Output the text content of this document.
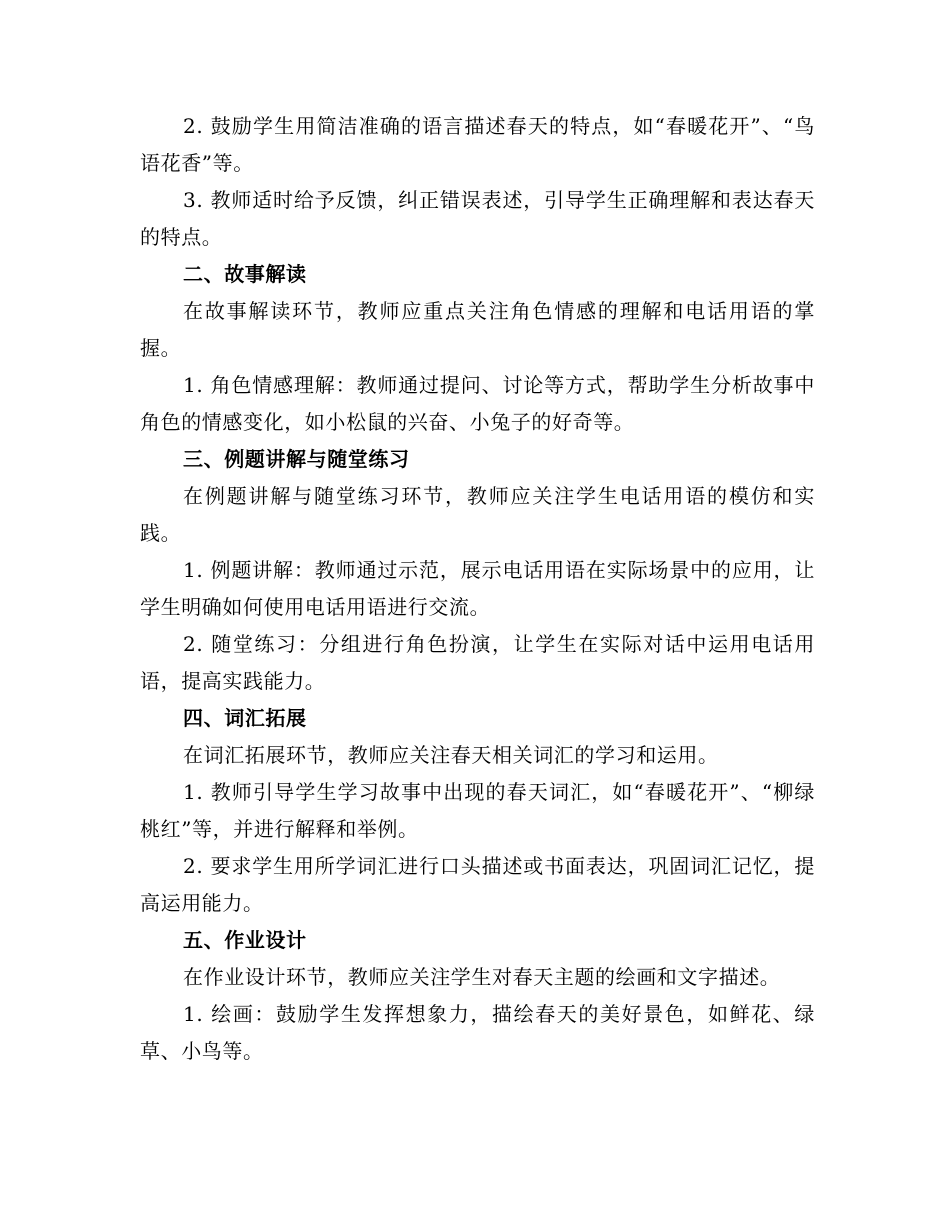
2. 鼓励学生用简洁准确的语言描述春天的特点，如“春暖花开”、“鸟语花香”等。

3. 教师适时给予反馈，纠正错误表述，引导学生正确理解和表达春天的特点。

二、故事解读

在故事解读环节，教师应重点关注角色情感的理解和电话用语的掌握。

1. 角色情感理解：教师通过提问、讨论等方式，帮助学生分析故事中角色的情感变化，如小松鼠的兴奋、小兔子的好奇等。

三、例题讲解与随堂练习

在例题讲解与随堂练习环节，教师应关注学生电话用语的模仿和实践。

1. 例题讲解：教师通过示范，展示电话用语在实际场景中的应用，让学生明确如何使用电话用语进行交流。

2. 随堂练习：分组进行角色扮演，让学生在实际对话中运用电话用语，提高实践能力。

四、词汇拓展

在词汇拓展环节，教师应关注春天相关词汇的学习和运用。

1. 教师引导学生学习故事中出现的春天词汇，如“春暖花开”、“柳绿桃红”等，并进行解释和举例。

2. 要求学生用所学词汇进行口头描述或书面表达，巩固词汇记忆，提高运用能力。

五、作业设计

在作业设计环节，教师应关注学生对春天主题的绘画和文字描述。

1. 绘画：鼓励学生发挥想象力，描绘春天的美好景色，如鲜花、绿草、小鸟等。
